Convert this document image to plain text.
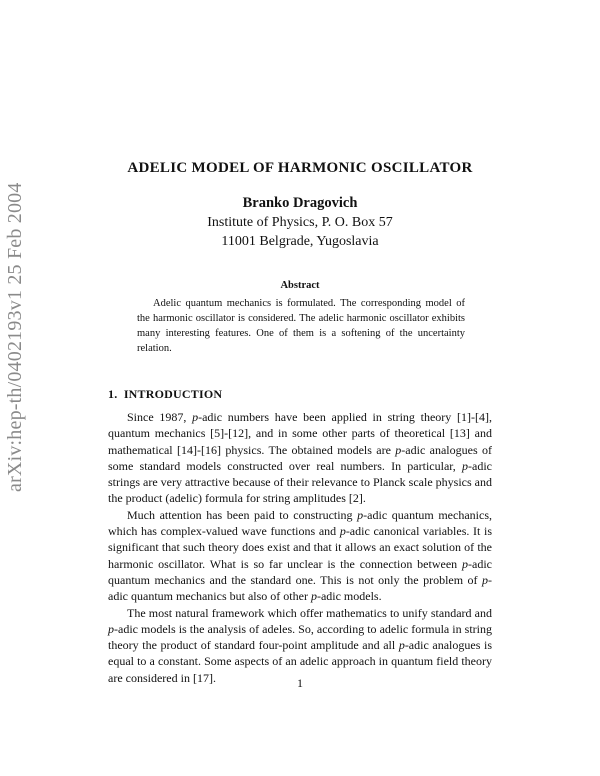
arXiv:hep-th/0402193v1 25 Feb 2004
ADELIC MODEL OF HARMONIC OSCILLATOR
Branko Dragovich
Institute of Physics, P. O. Box 57
11001 Belgrade, Yugoslavia
Abstract
Adelic quantum mechanics is formulated. The corresponding model of the harmonic oscillator is considered. The adelic harmonic oscillator exhibits many interesting features. One of them is a softening of the uncertainty relation.
1. INTRODUCTION

Since 1987, p-adic numbers have been applied in string theory [1]-[4], quantum mechanics [5]-[12], and in some other parts of theoretical [13] and mathematical [14]-[16] physics. The obtained models are p-adic analogues of some standard models constructed over real numbers. In particular, p-adic strings are very attractive because of their relevance to Planck scale physics and the product (adelic) formula for string amplitudes [2].

Much attention has been paid to constructing p-adic quantum mechanics, which has complex-valued wave functions and p-adic canonical variables. It is significant that such theory does exist and that it allows an exact solution of the harmonic oscillator. What is so far unclear is the connection between p-adic quantum mechanics and the standard one. This is not only the problem of p-adic quantum mechanics but also of other p-adic models.

The most natural framework which offer mathematics to unify standard and p-adic models is the analysis of adeles. So, according to adelic formula in string theory the product of standard four-point amplitude and all p-adic analogues is equal to a constant. Some aspects of an adelic approach in quantum field theory are considered in [17].	1
